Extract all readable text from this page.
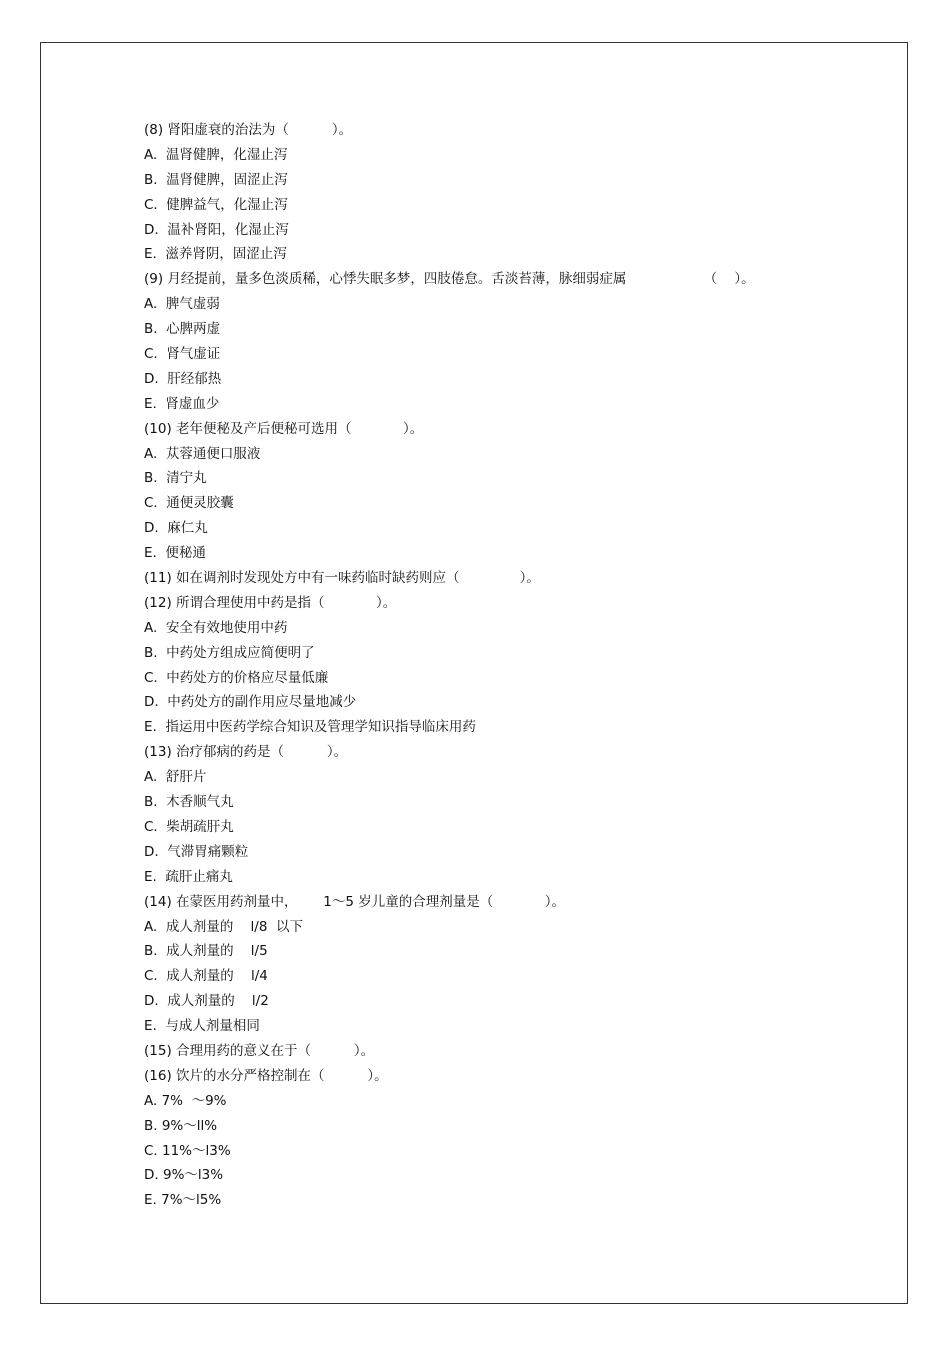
(8) 肾阳虚衰的治法为（          ）。
A.  温肾健脾，化湿止泻
B.  温肾健脾，固涩止泻
C.  健脾益气，化湿止泻
D.  温补肾阳，化湿止泻
E.  滋养肾阴，固涩止泻
(9) 月经提前，量多色淡质稀，心悸失眠多梦，四肢倦怠。舌淡苔薄，脉细弱症属                  （    ）。
A.  脾气虚弱
B.  心脾两虚
C.  肾气虚证
D.  肝经郁热
E.  肾虚血少
(10) 老年便秘及产后便秘可选用（            ）。
A.  苁蓉通便口服液
B.  清宁丸
C.  通便灵胶囊
D.  麻仁丸
E.  便秘通
(11) 如在调剂时发现处方中有一味药临时缺药则应（              ）。
(12) 所谓合理使用中药是指（            ）。
A.  安全有效地使用中药
B.  中药处方组成应简便明了
C.  中药处方的价格应尽量低廉
D.  中药处方的副作用应尽量地减少
E.  指运用中医药学综合知识及管理学知识指导临床用药
(13) 治疗郁病的药是（          ）。
A.  舒肝片
B.  木香顺气丸
C.  柴胡疏肝丸
D.  气滞胃痛颗粒
E.  疏肝止痛丸
(14) 在蒙医用药剂量中，      1～5 岁儿童的合理剂量是（            ）。
A.  成人剂量的    l/8  以下
B.  成人剂量的    l/5
C.  成人剂量的    l/4
D.  成人剂量的    l/2
E.  与成人剂量相同
(15) 合理用药的意义在于（          ）。
(16) 饮片的水分严格控制在（          ）。
A. 7%  ～9%
B. 9%～ll%
C. 11%～l3%
D. 9%～l3%
E. 7%～l5%
